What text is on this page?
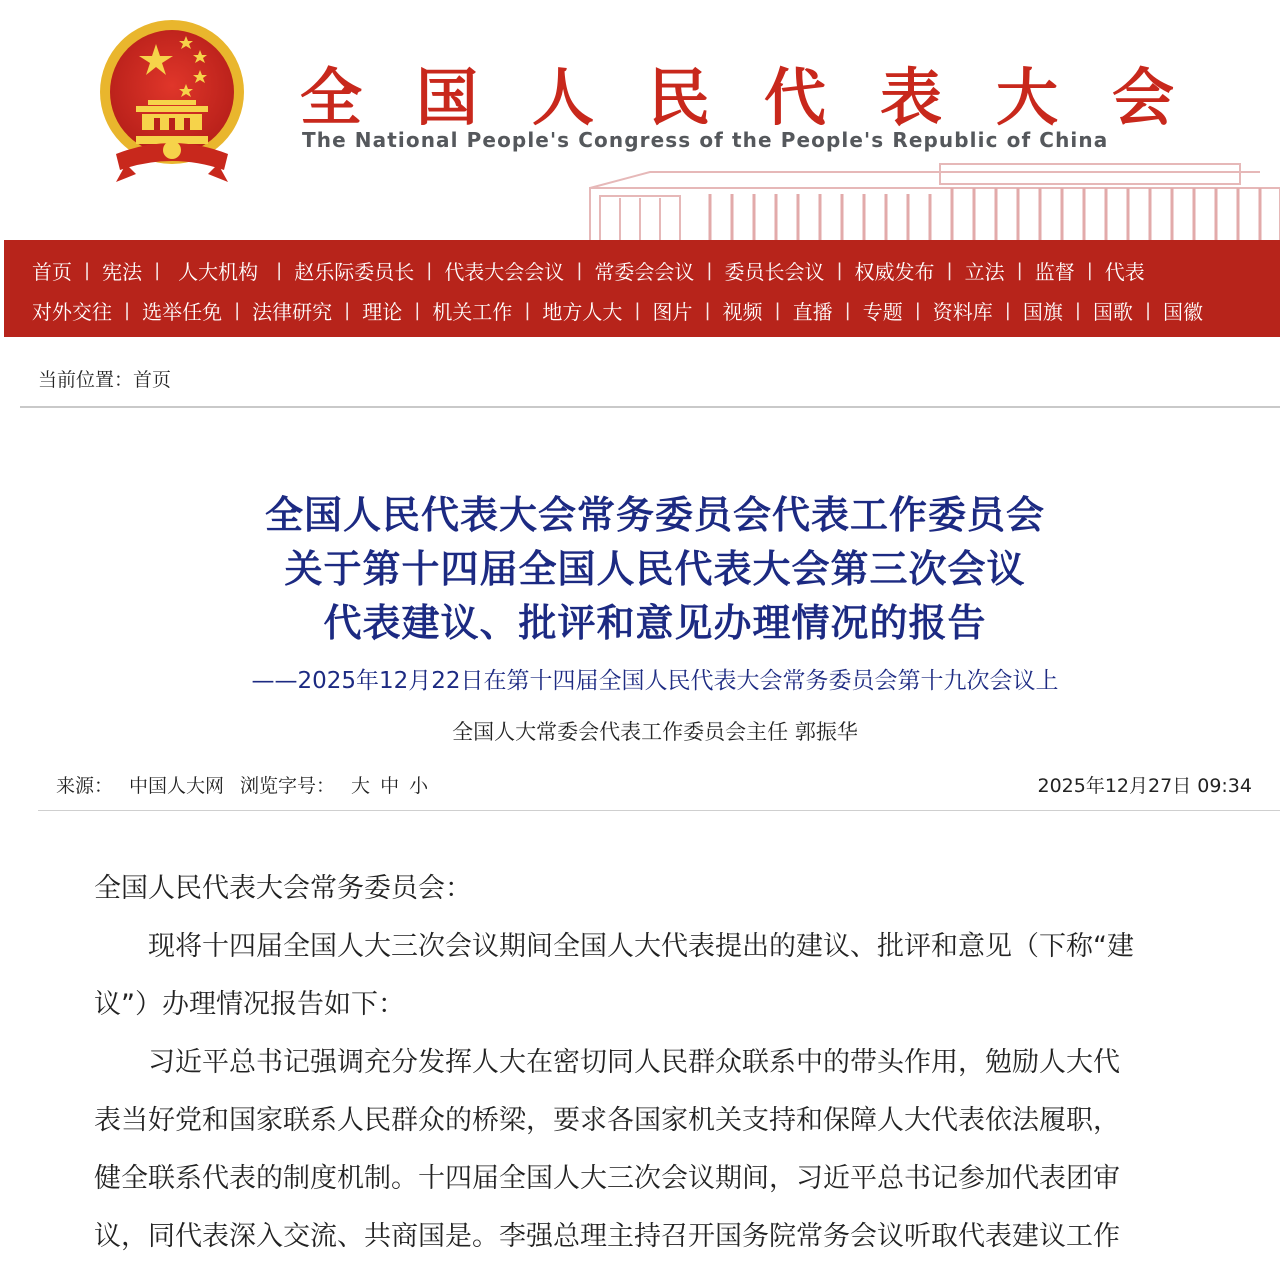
全 国 人 民 代 表 大 会
The National People's Congress of the People's Republic of China
首页 | 宪法 | 人大机构 | 赵乐际委员长 | 代表大会会议 | 常委会会议 | 委员长会议 | 权威发布 | 立法 | 监督 | 代表
对外交往 | 选举任免 | 法律研究 | 理论 | 机关工作 | 地方人大 | 图片 | 视频 | 直播 | 专题 | 资料库 | 国旗 | 国歌 | 国徽
当前位置：首页
全国人民代表大会常务委员会代表工作委员会
关于第十四届全国人民代表大会第三次会议
代表建议、批评和意见办理情况的报告
——2025年12月22日在第十四届全国人民代表大会常务委员会第十九次会议上
全国人大常委会代表工作委员会主任 郭振华
来源： 中国人大网 浏览字号： 大 中 小	2025年12月27日 09:34
全国人民代表大会常务委员会：
　　现将十四届全国人大三次会议期间全国人大代表提出的建议、批评和意见（下称“建
议”）办理情况报告如下：
　　习近平总书记强调充分发挥人大在密切同人民群众联系中的带头作用，勉励人大代
表当好党和国家联系人民群众的桥梁，要求各国家机关支持和保障人大代表依法履职，
健全联系代表的制度机制。十四届全国人大三次会议期间，习近平总书记参加代表团审
议，同代表深入交流、共商国是。李强总理主持召开国务院常务会议听取代表建议工作
